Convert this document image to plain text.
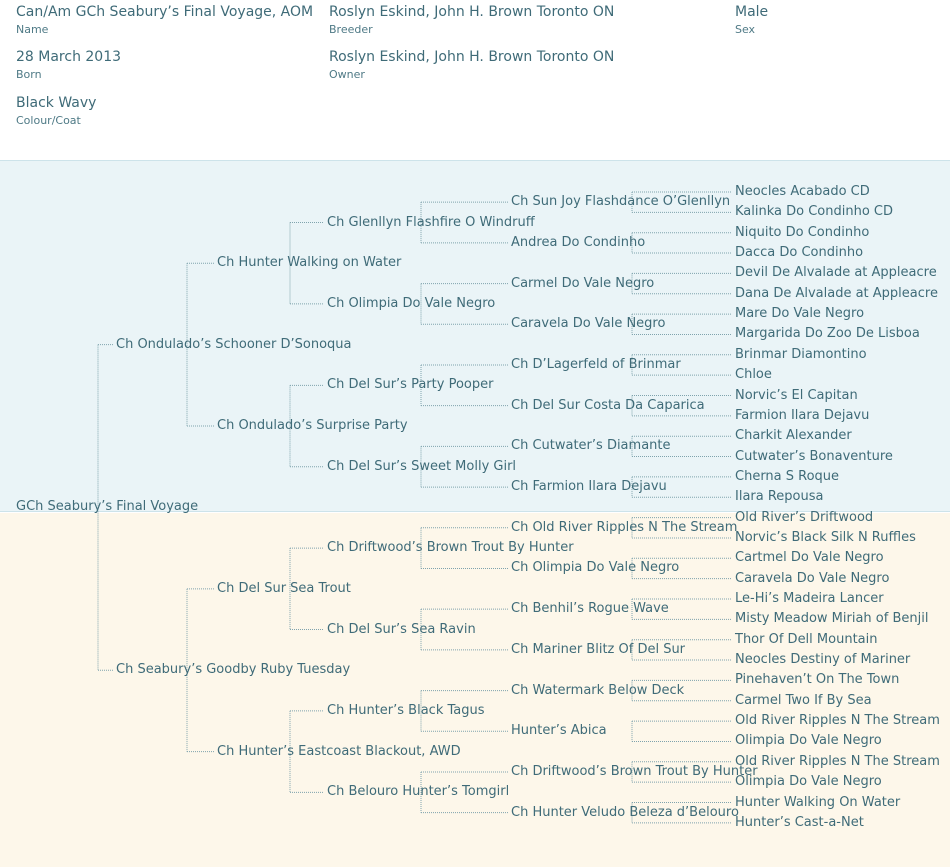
Can/Am GCh Seabury’s Final Voyage, AOM
Name
Roslyn Eskind, John H. Brown Toronto ON
Breeder
Male
Sex
28 March 2013
Born
Roslyn Eskind, John H. Brown Toronto ON
Owner
Black Wavy
Colour/Coat
Neocles Acabado CD
Kalinka Do Condinho CD
Ch Sun Joy Flashdance O’Glenllyn
Niquito Do Condinho
Dacca Do Condinho
Andrea Do Condinho
Ch Glenllyn Flashfire O Windruff
Devil De Alvalade at Appleacre
Dana De Alvalade at Appleacre
Carmel Do Vale Negro
Mare Do Vale Negro
Margarida Do Zoo De Lisboa
Caravela Do Vale Negro
Ch Olimpia Do Vale Negro
Ch Hunter Walking on Water
Brinmar Diamontino
Chloe
Ch D’Lagerfeld of Brinmar
Norvic’s El Capitan
Farmion Ilara Dejavu
Ch Del Sur Costa Da Caparica
Ch Del Sur’s Party Pooper
Charkit Alexander
Cutwater’s Bonaventure
Ch Cutwater’s Diamante
Cherna S Roque
Ilara Repousa
Ch Farmion Ilara Dejavu
Ch Del Sur’s Sweet Molly Girl
Ch Ondulado’s Surprise Party
Ch Ondulado’s Schooner D’Sonoqua
Old River’s Driftwood
Norvic’s Black Silk N Ruffles
Ch Old River Ripples N The Stream
Cartmel Do Vale Negro
Caravela Do Vale Negro
Ch Olimpia Do Vale Negro
Ch Driftwood’s Brown Trout By Hunter
Le-Hi’s Madeira Lancer
Misty Meadow Miriah of Benjil
Ch Benhil’s Rogue Wave
Thor Of Dell Mountain
Neocles Destiny of Mariner
Ch Mariner Blitz Of Del Sur
Ch Del Sur’s Sea Ravin
Ch Del Sur Sea Trout
Pinehaven’t On The Town
Carmel Two If By Sea
Ch Watermark Below Deck
Old River Ripples N The Stream
Olimpia Do Vale Negro
Hunter’s Abica
Ch Hunter’s Black Tagus
Old River Ripples N The Stream
Olimpia Do Vale Negro
Ch Driftwood’s Brown Trout By Hunter
Hunter Walking On Water
Hunter’s Cast-a-Net
Ch Hunter Veludo Beleza d’Belouro
Ch Belouro Hunter’s Tomgirl
Ch Hunter’s Eastcoast Blackout, AWD
Ch Seabury’s Goodby Ruby Tuesday
GCh Seabury’s Final Voyage
